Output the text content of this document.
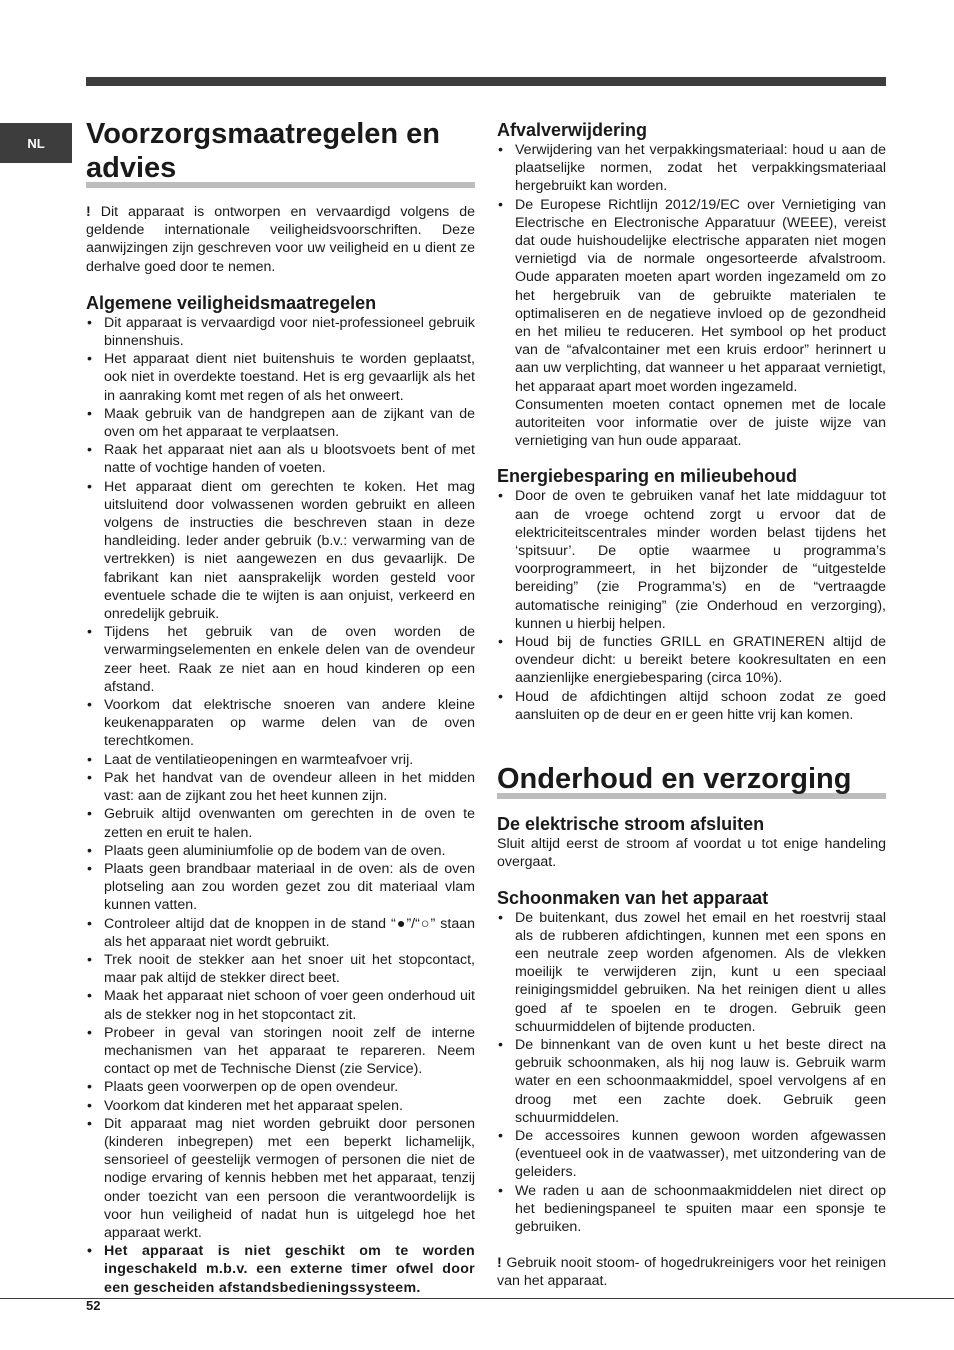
NL	Voorzorgsmaatregelen en advies

! Dit apparaat is ontworpen en vervaardigd volgens de geldende internationale veiligheidsvoorschriften. Deze aanwijzingen zijn geschreven voor uw veiligheid en u dient ze derhalve goed door te nemen.

Algemene veiligheidsmaatregelen
• Dit apparaat is vervaardigd voor niet-professioneel gebruik binnenshuis.
• Het apparaat dient niet buitenshuis te worden geplaatst, ook niet in overdekte toestand. Het is erg gevaarlijk als het in aanraking komt met regen of als het onweert.
• Maak gebruik van de handgrepen aan de zijkant van de oven om het apparaat te verplaatsen.
• Raak het apparaat niet aan als u blootsvoets bent of met natte of vochtige handen of voeten.
• Het apparaat dient om gerechten te koken. Het mag uitsluitend door volwassenen worden gebruikt en alleen volgens de instructies die beschreven staan in deze handleiding. Ieder ander gebruik (b.v.: verwarming van de vertrekken) is niet aangewezen en dus gevaarlijk. De fabrikant kan niet aansprakelijk worden gesteld voor eventuele schade die te wijten is aan onjuist, verkeerd en onredelijk gebruik.
• Tijdens het gebruik van de oven worden de verwarmingselementen en enkele delen van de ovendeur zeer heet. Raak ze niet aan en houd kinderen op een afstand.
• Voorkom dat elektrische snoeren van andere kleine keukenapparaten op warme delen van de oven terechtkomen.
• Laat de ventilatieopeningen en warmteafvoer vrij.
• Pak het handvat van de ovendeur alleen in het midden vast: aan de zijkant zou het heet kunnen zijn.
• Gebruik altijd ovenwanten om gerechten in de oven te zetten en eruit te halen.
• Plaats geen aluminiumfolie op de bodem van de oven.
• Plaats geen brandbaar materiaal in de oven: als de oven plotseling aan zou worden gezet zou dit materiaal vlam kunnen vatten.
• Controleer altijd dat de knoppen in de stand “●”/“○” staan als het apparaat niet wordt gebruikt.
• Trek nooit de stekker aan het snoer uit het stopcontact, maar pak altijd de stekker direct beet.
• Maak het apparaat niet schoon of voer geen onderhoud uit als de stekker nog in het stopcontact zit.
• Probeer in geval van storingen nooit zelf de interne mechanismen van het apparaat te repareren. Neem contact op met de Technische Dienst (zie Service).
• Plaats geen voorwerpen op de open ovendeur.
• Voorkom dat kinderen met het apparaat spelen.
• Dit apparaat mag niet worden gebruikt door personen (kinderen inbegrepen) met een beperkt lichamelijk, sensorieel of geestelijk vermogen of personen die niet de nodige ervaring of kennis hebben met het apparaat, tenzij onder toezicht van een persoon die verantwoordelijk is voor hun veiligheid of nadat hun is uitgelegd hoe het apparaat werkt.
• Het apparaat is niet geschikt om te worden ingeschakeld m.b.v. een externe timer ofwel door een gescheiden afstandsbedieningssysteem.
Afvalverwijdering
• Verwijdering van het verpakkingsmateriaal: houd u aan de plaatselijke normen, zodat het verpakkingsmateriaal hergebruikt kan worden.
• De Europese Richtlijn 2012/19/EC over Vernietiging van Electrische en Electronische Apparatuur (WEEE), vereist dat oude huishoudelijke electrische apparaten niet mogen vernietigd via de normale ongesorteerde afvalstroom. Oude apparaten moeten apart worden ingezameld om zo het hergebruik van de gebruikte materialen te optimaliseren en de negatieve invloed op de gezondheid en het milieu te reduceren. Het symbool op het product van de “afvalcontainer met een kruis erdoor” herinnert u aan uw verplichting, dat wanneer u het apparaat vernietigt, het apparaat apart moet worden ingezameld.

Consumenten moeten contact opnemen met de locale autoriteiten voor informatie over de juiste wijze van vernietiging van hun oude apparaat.

Energiebesparing en milieubehoud
• Door de oven te gebruiken vanaf het late middaguur tot aan de vroege ochtend zorgt u ervoor dat de elektriciteitscentrales minder worden belast tijdens het ‘spitsuur’. De optie waarmee u programma’s voorprogrammeert, in het bijzonder de “uitgestelde bereiding” (zie Programma’s) en de “vertraagde automatische reiniging” (zie Onderhoud en verzorging), kunnen u hierbij helpen.
• Houd bij de functies GRILL en GRATINEREN altijd de ovendeur dicht: u bereikt betere kookresultaten en een aanzienlijke energiebesparing (circa 10%).
• Houd de afdichtingen altijd schoon zodat ze goed aansluiten op de deur en er geen hitte vrij kan komen.
Onderhoud en verzorging
De elektrische stroom afsluiten

Sluit altijd eerst de stroom af voordat u tot enige handeling overgaat.

Schoonmaken van het apparaat
• De buitenkant, dus zowel het email en het roestvrij staal als de rubberen afdichtingen, kunnen met een spons en een neutrale zeep worden afgenomen. Als de vlekken moeilijk te verwijderen zijn, kunt u een speciaal reinigingsmiddel gebruiken. Na het reinigen dient u alles goed af te spoelen en te drogen. Gebruik geen schuurmiddelen of bijtende producten.
• De binnenkant van de oven kunt u het beste direct na gebruik schoonmaken, als hij nog lauw is. Gebruik warm water en een schoonmaakmiddel, spoel vervolgens af en droog met een zachte doek. Gebruik geen schuurmiddelen.
• De accessoires kunnen gewoon worden afgewassen (eventueel ook in de vaatwasser), met uitzondering van de geleiders.
• We raden u aan de schoonmaakmiddelen niet direct op het bedieningspaneel te spuiten maar een sponsje te gebruiken.

! Gebruik nooit stoom- of hogedrukreinigers voor het reinigen van het apparaat.

52
